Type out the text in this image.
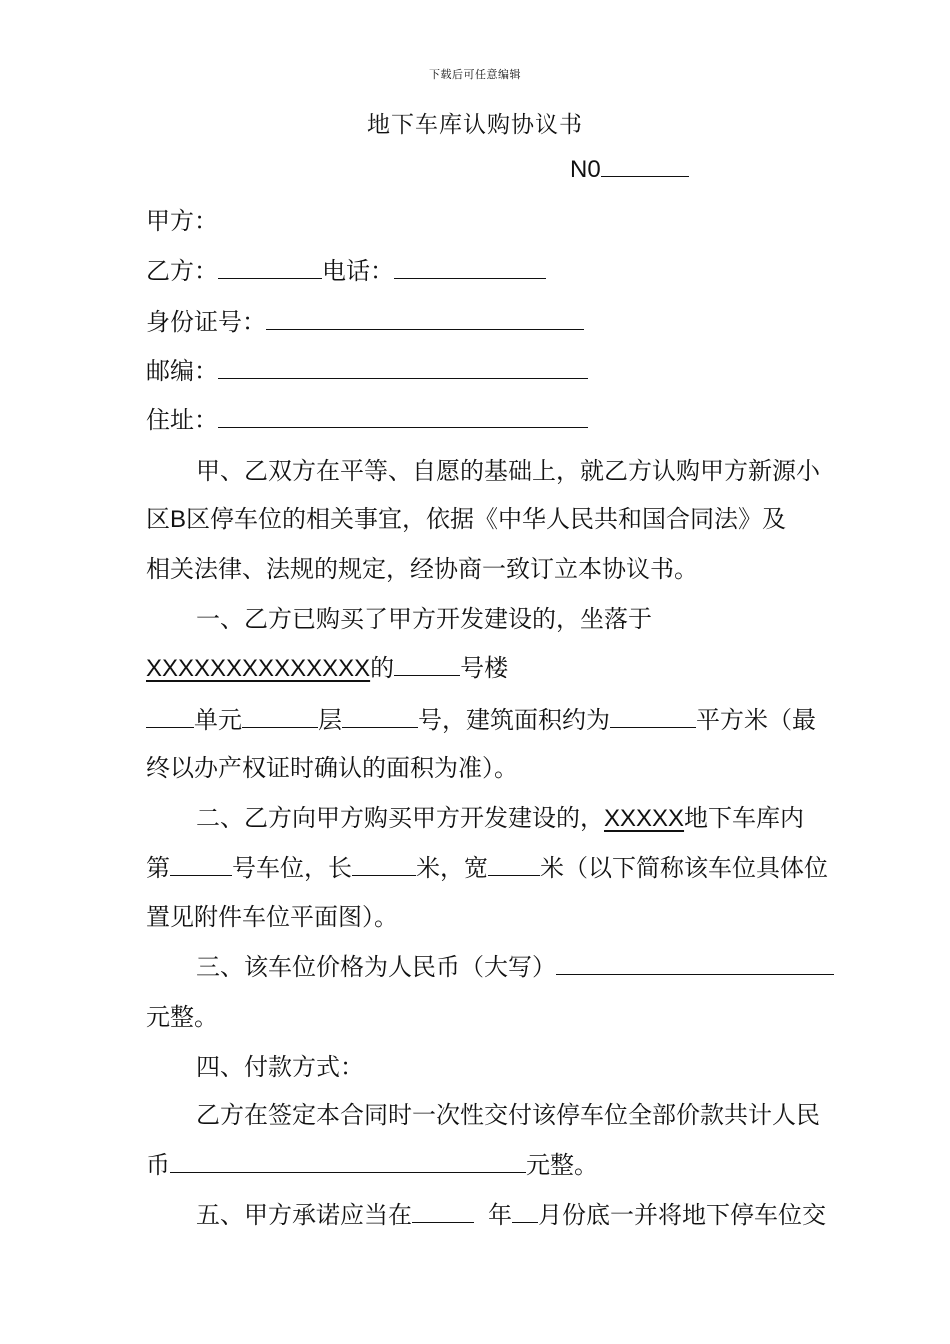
下载后可任意编辑
地下车库认购协议书
N0
甲方：
乙方：	电话：
身份证号：
邮编：
住址：
甲、乙双方在平等、自愿的基础上，就乙方认购甲方新源小
区B区停车位的相关事宜，依据《中华人民共和国合同法》及
相关法律、法规的规定，经协商一致订立本协议书。
一、乙方已购买了甲方开发建设的，坐落于
XXXXXXXXXXXXXX的	号楼
单元	层	号，建筑面积约为	平方米（最
终以办产权证时确认的面积为准）。
二、乙方向甲方购买甲方开发建设的，XXXXX地下车库内
第	号车位，长	米，宽 米（以下简称该车位具体位
置见附件车位平面图）。
三、该车位价格为人民币（大写）
元整。
四、付款方式：
乙方在签定本合同时一次性交付该停车位全部价款共计人民
币	元整。
五、甲方承诺应当在	年 月份底一并将地下停车位交
